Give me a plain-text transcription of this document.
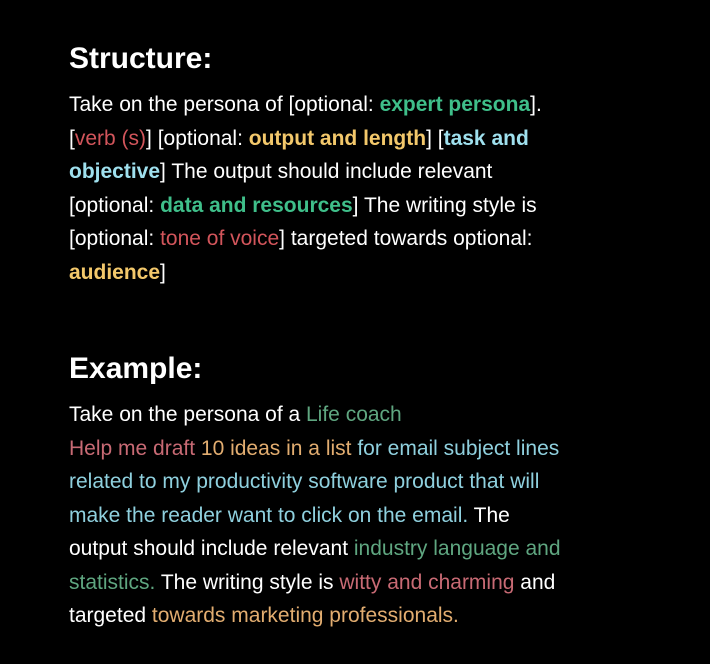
Structure:
Take on the persona of [optional: expert persona].
[verb (s)] [optional: output and length] [task and
objective] The output should include relevant
[optional: data and resources] The writing style is
[optional: tone of voice] targeted towards optional:
audience]
Example:
Take on the persona of a Life coach
Help me draft 10 ideas in a list for email subject lines
related to my productivity software product that will
make the reader want to click on the email. The
output should include relevant industry language and
statistics. The writing style is witty and charming and
targeted towards marketing professionals.
